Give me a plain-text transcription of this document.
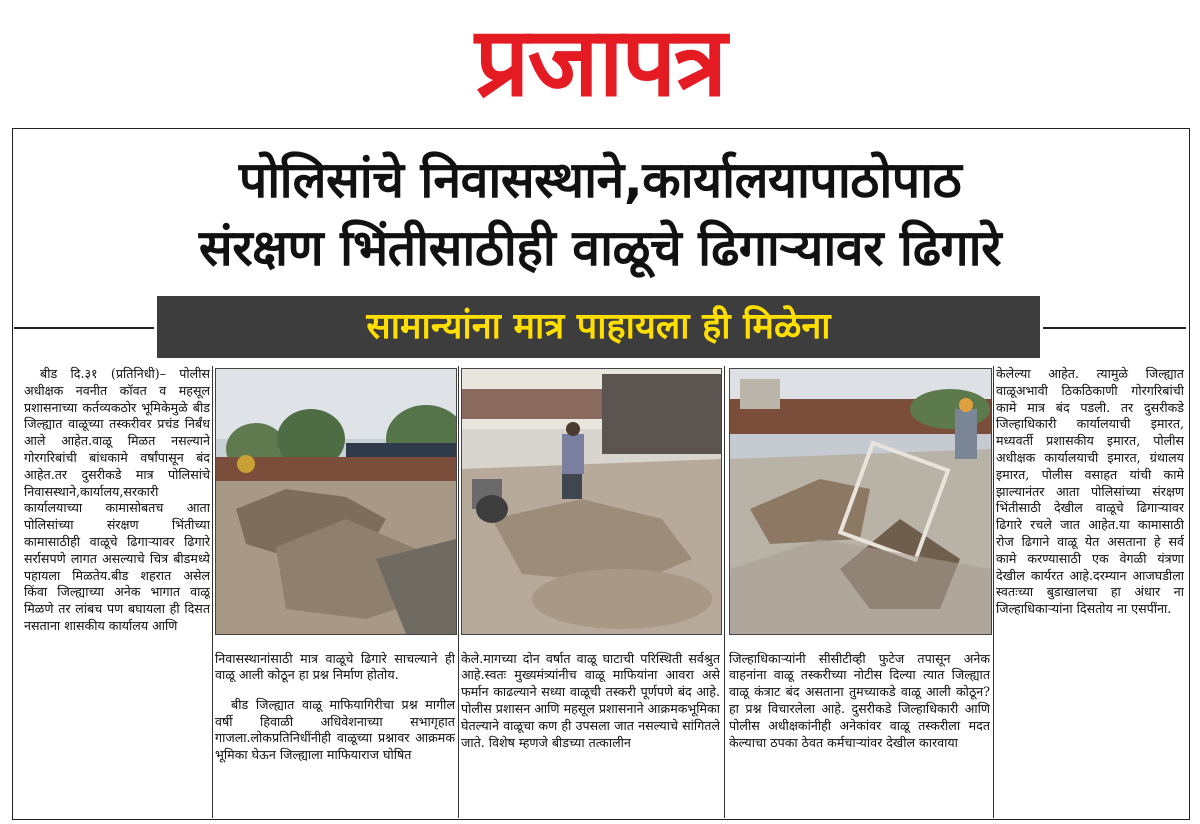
प्रजापत्र
पोलिसांचे निवासस्थाने,कार्यालयापाठोपाठ
संरक्षण भिंतीसाठीही वाळूचे ढिगाऱ्यावर ढिगारे
सामान्यांना मात्र पाहायला ही मिळेना

बीड दि.३१ (प्रतिनिधी)– पोलीस अधीक्षक नवनीत कॉवत व महसूल प्रशासनाच्या कर्तव्यकठोर भूमिकेमुळे बीड जिल्ह्यात वाळूच्या तस्करीवर प्रचंड निर्बंध आले आहेत.वाळू मिळत नसल्याने गोरगरिबांची बांधकामे वर्षांपासून बंद आहेत.तर दुसरीकडे मात्र पोलिसांचे निवासस्थाने,कार्यालय,सरकारी कार्यालयाच्या कामासोबतच आता पोलिसांच्या संरक्षण भिंतीच्या कामासाठीही वाळूचे ढिगाऱ्यावर ढिगारे सर्रासपणे लागत असल्याचे चित्र बीडमध्ये पहायला मिळतेय.बीड शहरात असेल किंवा जिल्ह्याच्या अनेक भागात वाळू मिळणे तर लांबच पण बघायला ही दिसत नसताना शासकीय कार्यालय आणि

निवासस्थानांसाठी मात्र वाळूचे ढिगारे साचल्याने ही वाळू आली कोठून हा प्रश्न निर्माण होतोय.

बीड जिल्ह्यात वाळू माफियागिरीचा प्रश्न मागील वर्षी हिवाळी अधिवेशनाच्या सभागृहात गाजला.लोकप्रतिनिधींनीही वाळूच्या प्रश्नावर आक्रमक भूमिका घेऊन जिल्ह्याला माफियाराज घोषित

केले.मागच्या दोन वर्षात वाळू घाटाची परिस्थिती सर्वश्रुत आहे.स्वतः मुख्यमंत्र्यांनीच वाळू माफियांना आवरा असे फर्मान काढल्याने सध्या वाळूची तस्करी पूर्णपणे बंद आहे. पोलीस प्रशासन आणि महसूल प्रशासनाने आक्रमकभूमिका घेतल्याने वाळूचा कण ही उपसला जात नसल्याचे सांगितले जाते. विशेष म्हणजे बीडच्या तत्कालीन

जिल्हाधिकाऱ्यांनी सीसीटीव्ही फुटेज तपासून अनेक वाहनांना वाळू तस्करीच्या नोटीस दिल्या त्यात जिल्ह्यात वाळू कंत्राट बंद असताना तुमच्याकडे वाळू आली कोठून? हा प्रश्न विचारलेला आहे. दुसरीकडे जिल्हाधिकारी आणि पोलीस अधीक्षकांनीही अनेकांवर वाळू तस्करीला मदत केल्याचा ठपका ठेवत कर्मचाऱ्यांवर देखील कारवाया

केलेल्या आहेत. त्यामुळे जिल्ह्यात वाळूअभावी ठिकठिकाणी गोरगरिबांची कामे मात्र बंद पडली. तर दुसरीकडे जिल्हाधिकारी कार्यालयाची इमारत, मध्यवर्ती प्रशासकीय इमारत, पोलीस अधीक्षक कार्यालयाची इमारत, ग्रंथालय इमारत, पोलीस वसाहत यांची कामे झाल्यानंतर आता पोलिसांच्या संरक्षण भिंतीसाठी देखील वाळूचे ढिगाऱ्यावर ढिगारे रचले जात आहेत.या कामासाठी रोज ढिगाने वाळू येत असताना हे सर्व कामे करण्यासाठी एक वेगळी यंत्रणा देखील कार्यरत आहे.दरम्यान आजघडीला स्वतःच्या बुडाखालचा हा अंधार ना जिल्हाधिकाऱ्यांना दिसतोय ना एसपींना.
